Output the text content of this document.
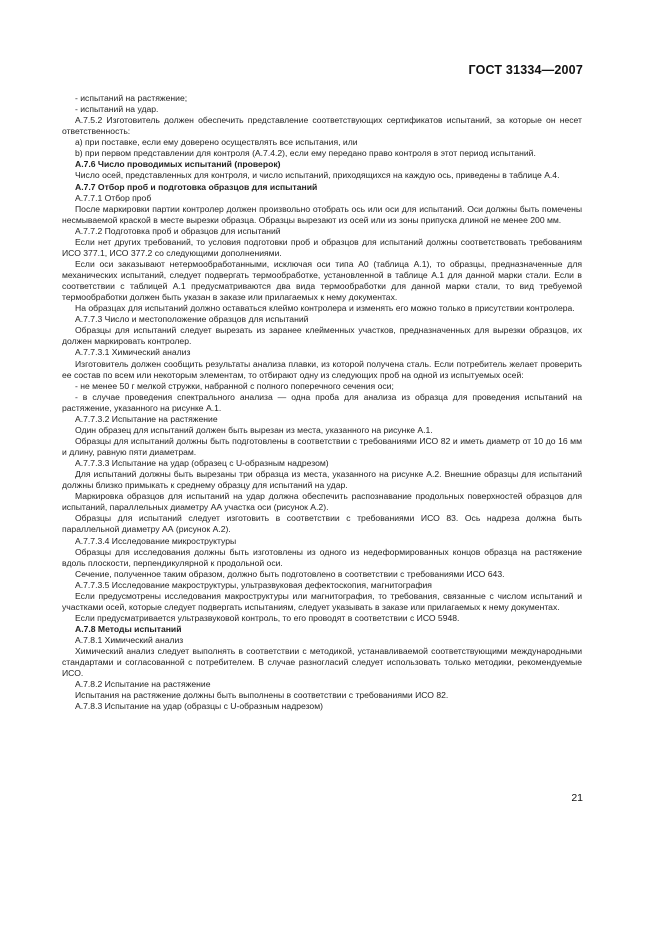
ГОСТ 31334—2007

- испытаний на растяжение;

- испытаний на удар.

А.7.5.2 Изготовитель должен обеспечить представление соответствующих сертификатов испытаний, за которые он несет ответственность:

а) при поставке, если ему доверено осуществлять все испытания, или

b) при первом представлении для контроля (А.7.4.2), если ему передано право контроля в этот период испытаний.

А.7.6 Число проводимых испытаний (проверок)

Число осей, представленных для контроля, и число испытаний, приходящихся на каждую ось, приведены в таблице А.4.

А.7.7 Отбор проб и подготовка образцов для испытаний

А.7.7.1 Отбор проб

После маркировки партии контролер должен произвольно отобрать ось или оси для испытаний. Оси должны быть помечены несмываемой краской в месте вырезки образца. Образцы вырезают из осей или из зоны припуска длиной не менее 200 мм.

А.7.7.2 Подготовка проб и образцов для испытаний

Если нет других требований, то условия подготовки проб и образцов для испытаний должны соответствовать требованиям ИСО 377.1, ИСО 377.2 со следующими дополнениями.

Если оси заказывают нетермообработанными, исключая оси типа А0 (таблица А.1), то образцы, предназначенные для механических испытаний, следует подвергать термообработке, установленной в таблице А.1 для данной марки стали. Если в соответствии с таблицей А.1 предусматриваются два вида термообработки для данной марки стали, то вид требуемой термообработки должен быть указан в заказе или прилагаемых к нему документах.

На образцах для испытаний должно оставаться клеймо контролера и изменять его можно только в присутствии контролера.

А.7.7.3 Число и местоположение образцов для испытаний

Образцы для испытаний следует вырезать из заранее клейменных участков, предназначенных для вырезки образцов, их должен маркировать контролер.

А.7.7.3.1 Химический анализ

Изготовитель должен сообщить результаты анализа плавки, из которой получена сталь. Если потребитель желает проверить ее состав по всем или некоторым элементам, то отбирают одну из следующих проб на одной из испытуемых осей:

- не менее 50 г мелкой стружки, набранной с полного поперечного сечения оси;

- в случае проведения спектрального анализа — одна проба для анализа из образца для проведения испытаний на растяжение, указанного на рисунке А.1.

А.7.7.3.2 Испытание на растяжение

Один образец для испытаний должен быть вырезан из места, указанного на рисунке А.1.

Образцы для испытаний должны быть подготовлены в соответствии с требованиями ИСО 82 и иметь диаметр от 10 до 16 мм и длину, равную пяти диаметрам.

А.7.7.3.3 Испытание на удар (образец с U-образным надрезом)

Для испытаний должны быть вырезаны три образца из места, указанного на рисунке А.2. Внешние образцы для испытаний должны близко примыкать к среднему образцу для испытаний на удар.

Маркировка образцов для испытаний на удар должна обеспечить распознавание продольных поверхностей образцов для испытаний, параллельных диаметру АА участка оси (рисунок А.2).

Образцы для испытаний следует изготовить в соответствии с требованиями ИСО 83. Ось надреза должна быть параллельной диаметру АА (рисунок А.2).

А.7.7.3.4 Исследование микроструктуры

Образцы для исследования должны быть изготовлены из одного из недеформированных концов образца на растяжение вдоль плоскости, перпендикулярной к продольной оси.

Сечение, полученное таким образом, должно быть подготовлено в соответствии с требованиями ИСО 643.

А.7.7.3.5 Исследование макроструктуры, ультразвуковая дефектоскопия, магнитография

Если предусмотрены исследования макроструктуры или магнитография, то требования, связанные с числом испытаний и участками осей, которые следует подвергать испытаниям, следует указывать в заказе или прилагаемых к нему документах.

Если предусматривается ультразвуковой контроль, то его проводят в соответствии с ИСО 5948.

А.7.8 Методы испытаний

А.7.8.1 Химический анализ

Химический анализ следует выполнять в соответствии с методикой, устанавливаемой соответствующими международными стандартами и согласованной с потребителем. В случае разногласий следует использовать только методики, рекомендуемые ИСО.

А.7.8.2 Испытание на растяжение

Испытания на растяжение должны быть выполнены в соответствии с требованиями ИСО 82.

А.7.8.3 Испытание на удар (образцы с U-образным надрезом)

21
